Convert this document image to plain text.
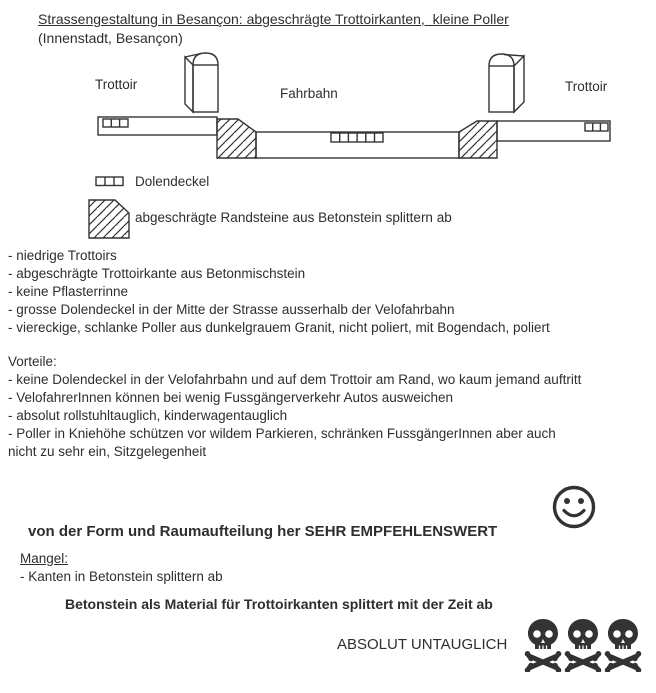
Strassengestaltung in Besançon: abgeschrägte Trottoirkanten,  kleine Poller
(Innenstadt, Besançon)
Trottoir
Fahrbahn	Trottoir
Dolendeckel
abgeschrägte Randsteine aus Betonstein splittern ab
- niedrige Trottoirs
- abgeschrägte Trottoirkante aus Betonmischstein
- keine Pflasterrinne
- grosse Dolendeckel in der Mitte der Strasse ausserhalb der Velofahrbahn
- viereckige, schlanke Poller aus dunkelgrauem Granit, nicht poliert, mit Bogendach, poliert
Vorteile:
- keine Dolendeckel in der Velofahrbahn und auf dem Trottoir am Rand, wo kaum jemand auftritt
- VelofahrerInnen können bei wenig Fussgängerverkehr Autos ausweichen
- absolut rollstuhltauglich, kinderwagentauglich
- Poller in Kniehöhe schützen vor wildem Parkieren, schränken FussgängerInnen aber auch
nicht zu sehr ein, Sitzgelegenheit
von der Form und Raumaufteilung her SEHR EMPFEHLENSWERT
Mangel:
- Kanten in Betonstein splittern ab
Betonstein als Material für Trottoirkanten splittert mit der Zeit ab
ABSOLUT UNTAUGLICH
